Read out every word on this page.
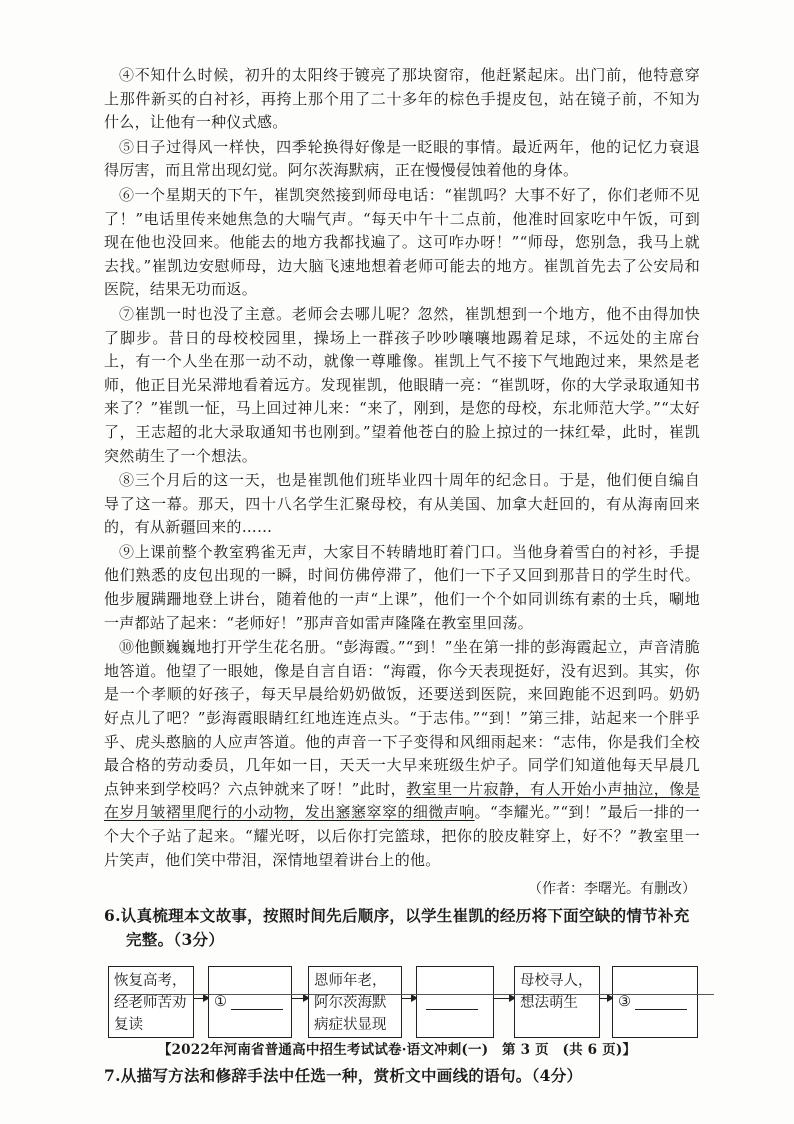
④不知什么时候，初升的太阳终于镀亮了那块窗帘，他赶紧起床。出门前，他特意穿上那件新买的白衬衫，再挎上那个用了二十多年的棕色手提皮包，站在镜子前，不知为什么，让他有一种仪式感。

⑤日子过得风一样快，四季轮换得好像是一眨眼的事情。最近两年，他的记忆力衰退得厉害，而且常出现幻觉。阿尔茨海默病，正在慢慢侵蚀着他的身体。

⑥一个星期天的下午，崔凯突然接到师母电话：“崔凯吗？大事不好了，你们老师不见了！”电话里传来她焦急的大喘气声。“每天中午十二点前，他准时回家吃中午饭，可到现在他也没回来。他能去的地方我都找遍了。这可咋办呀！”“师母，您别急，我马上就去找。”崔凯边安慰师母，边大脑飞速地想着老师可能去的地方。崔凯首先去了公安局和医院，结果无功而返。

⑦崔凯一时也没了主意。老师会去哪儿呢？忽然，崔凯想到一个地方，他不由得加快了脚步。昔日的母校校园里，操场上一群孩子吵吵嚷嚷地踢着足球，不远处的主席台上，有一个人坐在那一动不动，就像一尊雕像。崔凯上气不接下气地跑过来，果然是老师，他正目光呆滞地看着远方。发现崔凯，他眼睛一亮：“崔凯呀，你的大学录取通知书来了？”崔凯一怔，马上回过神儿来：“来了，刚到，是您的母校，东北师范大学。”“太好了，王志超的北大录取通知书也刚到。”望着他苍白的脸上掠过的一抹红晕，此时，崔凯突然萌生了一个想法。

⑧三个月后的这一天，也是崔凯他们班毕业四十周年的纪念日。于是，他们便自编自导了这一幕。那天，四十八名学生汇聚母校，有从美国、加拿大赶回的，有从海南回来的，有从新疆回来的……

⑨上课前整个教室鸦雀无声，大家目不转睛地盯着门口。当他身着雪白的衬衫，手提他们熟悉的皮包出现的一瞬，时间仿佛停滞了，他们一下子又回到那昔日的学生时代。他步履蹒跚地登上讲台，随着他的一声“上课”，他们一个个如同训练有素的士兵，唰地一声都站了起来：“老师好！”那声音如雷声隆隆在教室里回荡。

⑩他颤巍巍地打开学生花名册。“彭海霞。”“到！”坐在第一排的彭海霞起立，声音清脆地答道。他望了一眼她，像是自言自语：“海霞，你今天表现挺好，没有迟到。其实，你是一个孝顺的好孩子，每天早晨给奶奶做饭，还要送到医院，来回跑能不迟到吗。奶奶好点儿了吧？”彭海霞眼睛红红地连连点头。“于志伟。”“到！”第三排，站起来一个胖乎乎、虎头憨脑的人应声答道。他的声音一下子变得和风细雨起来：“志伟，你是我们全校最合格的劳动委员，几年如一日，天天一大早来班级生炉子。同学们知道他每天早晨几点钟来到学校吗？六点钟就来了呀！”此时，教室里一片寂静，有人开始小声抽泣，像是在岁月皱褶里爬行的小动物，发出窸窸窣窣的细微声响。“李耀光。”“到！”最后一排的一个大个子站了起来。“耀光呀，以后你打完篮球，把你的胶皮鞋穿上，好不？”教室里一片笑声，他们笑中带泪，深情地望着讲台上的他。

（作者：李曙光。有删改）

6.认真梳理本文故事，按照时间先后顺序，以学生崔凯的经历将下面空缺的情节补充完整。（3分）

恢复高考，经老师苦劝复读
①
恩师年老，阿尔茨海默病症状显现
母校寻人，想法萌生	③

7.从描写方法和修辞手法中任选一种，赏析文中画线的语句。（4分）

【2022年河南省普通高中招生考试试卷·语文冲刺(一)　第 3 页　(共 6 页)】
